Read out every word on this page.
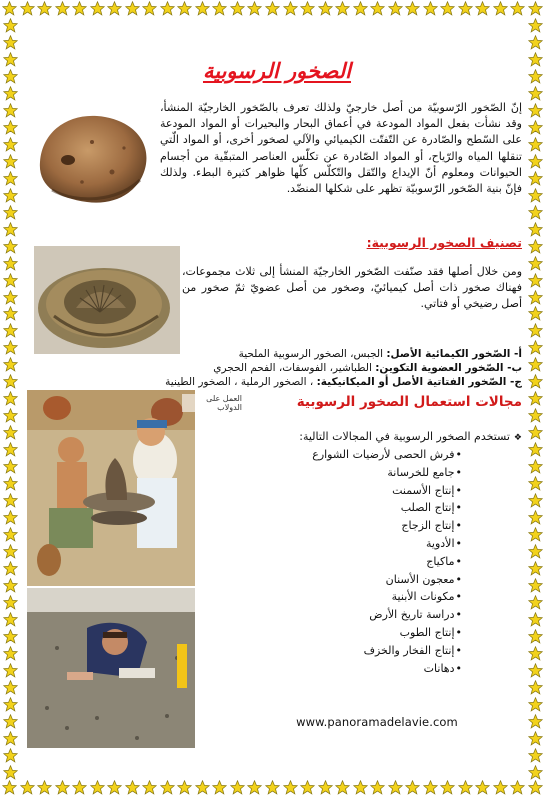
الصخور الرسوبية

إنّ الصّخور الرّسوبيّة من أصل خارجيّ ولذلك تعرف بالصّخور الخارجيّة المنشأ، وقد نشأت بفعل المواد المودعة في أعماق البحار والبحيرات أو المواد المودعة على السّطح والصّادرة عن التّفتّت الكيميائي والآلي لصخور أخرى، أو المواد الّتي تنقلها المياه والرّياح، أو المواد الصّادرة عن تكلّس العناصر المتبقّية من أجسام الحيوانات ومعلوم أنّ الإيداع والتّقل والتّكلّس كلّها ظواهر كثيرة البطء. ولذلك فإنّ بنية الصّخور الرّسوبيّة تظهر على شكلها المنضّد.

تصنيف الصخور الرسوبية:

ومن خلال أصلها فقد صنّفت الصّخور الخارجيّة المنشأ إلى ثلاث مجموعات، فهناك صخور ذات أصل كيميائيّ، وصخور من أصل عضويّ ثمّ صخور من أصل رضيخي أو فتاتي.

أ- الصّخور الكيمائية الأصل: الجبس، الصخور الرسوبية الملحية
ب- الصّخور العضوية التكوين: الطباشير، الفوسفات، الفحم الحجري
ج- الصّخور الفتاتية الأصل أو الميكانيكية: ، الصخور الرملية ، الصخور الطينية
مجالات استعمال الصخور الرسوبية
العمل على الدولاب
❖تستخدم الصخور الرسوبية في المجالات التالية:
• فرش الحصى لأرضيات الشوارع
• جامع للخرسانة
• إنتاج الأسمنت
• إنتاج الصلب
• إنتاج الزجاج
• الأدوية
• ماكياج
• معجون الأسنان
• مكونات الأبنية
• دراسة تاريخ الأرض
• إنتاج الطوب
• إنتاج الفخار والخزف
• دهانات
www.panoramadelavie.com
